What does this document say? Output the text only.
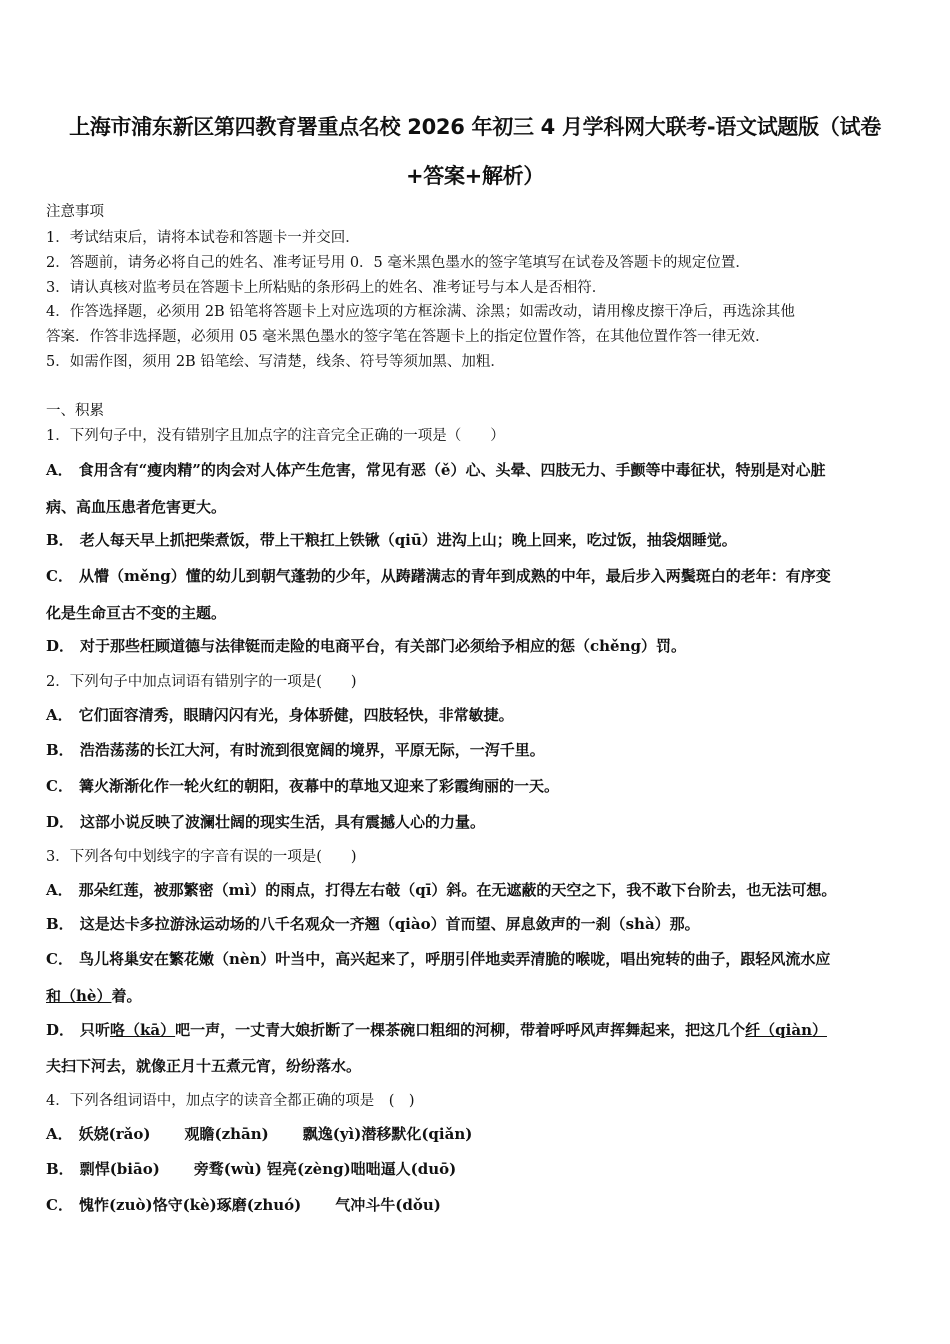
上海市浦东新区第四教育署重点名校 2026 年初三 4 月学科网大联考-语文试题版（试卷
+答案+解析）
注意事项
1．考试结束后，请将本试卷和答题卡一并交回．
2．答题前，请务必将自己的姓名、准考证号用 0．5 毫米黑色墨水的签字笔填写在试卷及答题卡的规定位置．
3．请认真核对监考员在答题卡上所粘贴的条形码上的姓名、准考证号与本人是否相符．
4．作答选择题，必须用 2B 铅笔将答题卡上对应选项的方框涂满、涂黑；如需改动，请用橡皮擦干净后，再选涂其他
答案．作答非选择题，必须用 05 毫米黑色墨水的签字笔在答题卡上的指定位置作答，在其他位置作答一律无效．
5．如需作图，须用 2B 铅笔绘、写清楚，线条、符号等须加黑、加粗．
一、积累
1．下列句子中，没有错别字且加点字的注音完全正确的一项是（　　）
A． 食用含有“瘦肉精”的肉会对人体产生危害，常见有恶（ě）心、头晕、四肢无力、手颤等中毒征状，特别是对心脏
病、高血压患者危害更大。
B． 老人每天早上抓把柴煮饭，带上干粮扛上铁锹（qiū）进沟上山；晚上回来，吃过饭，抽袋烟睡觉。
C． 从懵（měng）懂的幼儿到朝气蓬勃的少年，从踌躇满志的青年到成熟的中年，最后步入两鬓斑白的老年：有序变
化是生命亘古不变的主题。
D． 对于那些枉顾道德与法律铤而走险的电商平台，有关部门必须给予相应的惩（chěng）罚。
2．下列句子中加点词语有错别字的一项是(　　)
A． 它们面容清秀，眼睛闪闪有光，身体骄健，四肢轻快，非常敏捷。
B． 浩浩荡荡的长江大河，有时流到很宽阔的境界，平原无际，一泻千里。
C． 篝火渐渐化作一轮火红的朝阳，夜幕中的草地又迎来了彩霞绚丽的一天。
D． 这部小说反映了波澜壮阔的现实生活，具有震撼人心的力量。
3．下列各句中划线字的字音有误的一项是(　　)
A． 那朵红莲，被那繁密（mì）的雨点，打得左右攲（qī）斜。在无遮蔽的天空之下，我不敢下台阶去，也无法可想。
B． 这是达卡多拉游泳运动场的八千名观众一齐翘（qiào）首而望、屏息敛声的一刹（shà）那。
C． 鸟儿将巢安在繁花嫩（nèn）叶当中，高兴起来了，呼朋引伴地卖弄清脆的喉咙，唱出宛转的曲子，跟轻风流水应
和（hè）着。
D． 只听咯（kā）吧一声，一丈青大娘折断了一棵茶碗口粗细的河柳，带着呼呼风声挥舞起来，把这几个纤（qiàn）
夫扫下河去，就像正月十五煮元宵，纷纷落水。
4．下列各组词语中，加点字的读音全都正确的项是　(　)
A． 妖娆(rǎo) 观瞻(zhān) 飘逸(yì)潜移默化(qiǎn)
B． 剽悍(biāo) 旁骛(wù) 锃亮(zèng)咄咄逼人(duō)
C． 愧怍(zuò)恪守(kè)琢磨(zhuó) 气冲斗牛(dǒu)
